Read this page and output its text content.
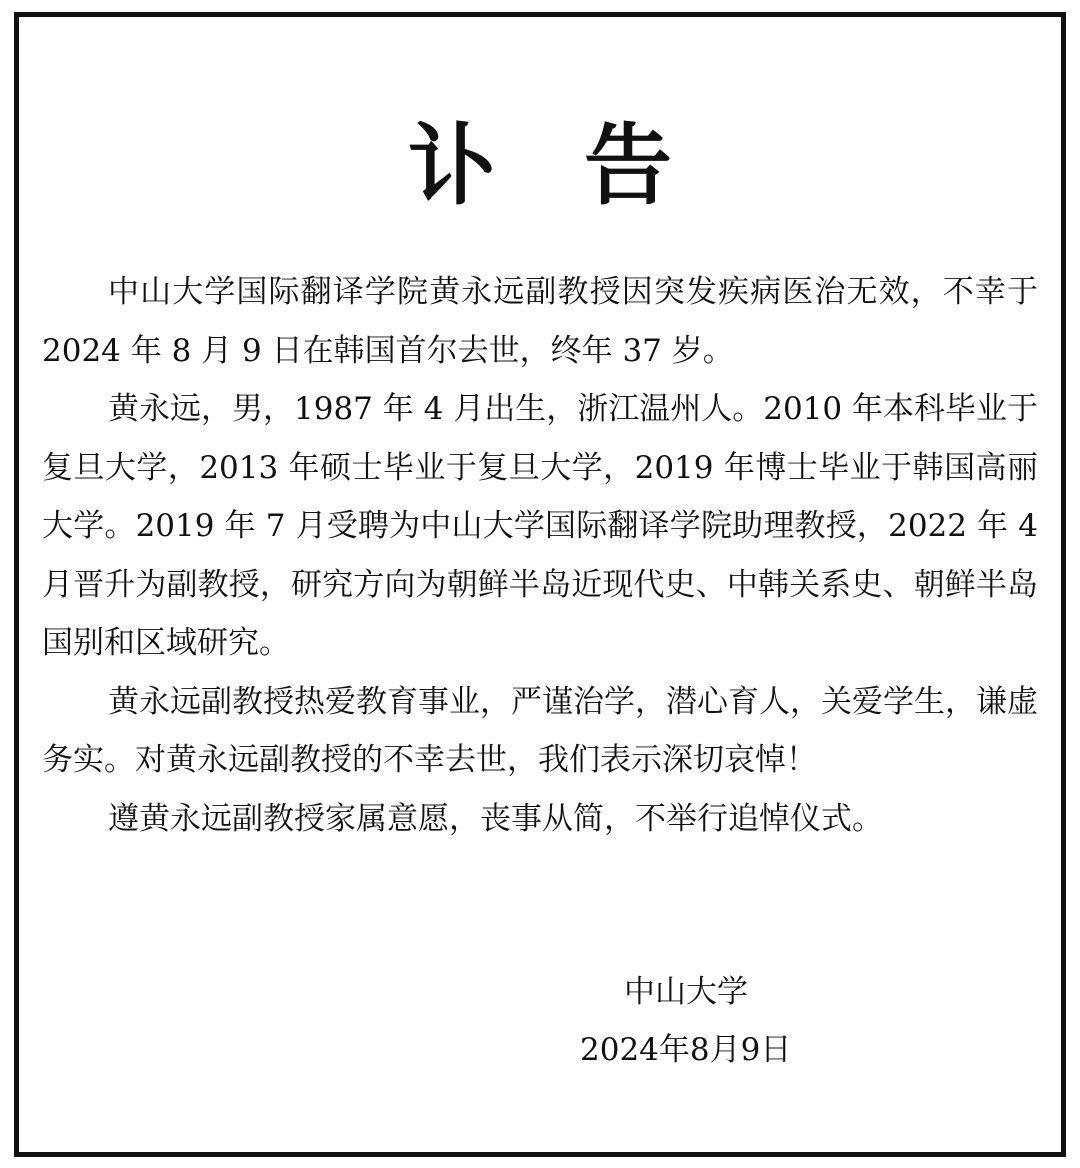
讣告

中山大学国际翻译学院黄永远副教授因突发疾病医治无效，不幸于 2024 年 8 月 9 日在韩国首尔去世，终年 37 岁。

黄永远，男，1987 年 4 月出生，浙江温州人。2010 年本科毕业于复旦大学，2013 年硕士毕业于复旦大学，2019 年博士毕业于韩国高丽大学。2019 年 7 月受聘为中山大学国际翻译学院助理教授，2022 年 4 月晋升为副教授，研究方向为朝鲜半岛近现代史、中韩关系史、朝鲜半岛国别和区域研究。

黄永远副教授热爱教育事业，严谨治学，潜心育人，关爱学生，谦虚务实。对黄永远副教授的不幸去世，我们表示深切哀悼！

遵黄永远副教授家属意愿，丧事从简，不举行追悼仪式。

中山大学
2024年8月9日
